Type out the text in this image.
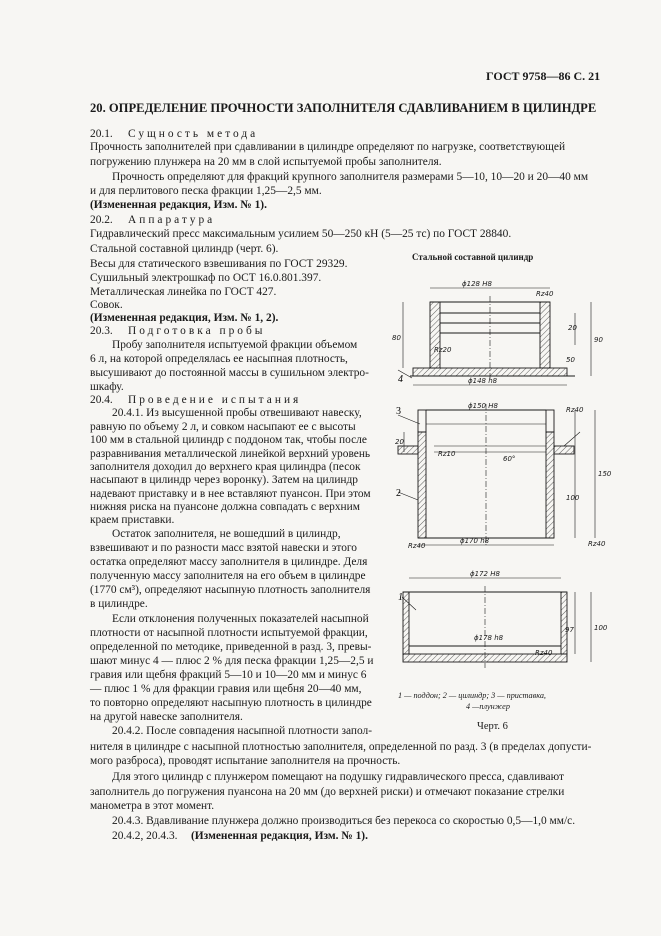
ГОСТ 9758—86 С. 21
20. ОПРЕДЕЛЕНИЕ ПРОЧНОСТИ ЗАПОЛНИТЕЛЯ СДАВЛИВАНИЕМ В ЦИЛИНДРЕ
20.1. Сущность метода
Прочность заполнителей при сдавливании в цилиндре определяют по нагрузке, соответствующей
погружению плунжера на 20 мм в слой испытуемой пробы заполнителя.
Прочность определяют для фракций крупного заполнителя размерами 5—10, 10—20 и 20—40 мм
и для перлитового песка фракции 1,25—2,5 мм.
(Измененная редакция, Изм. № 1).
20.2. Аппаратура
Гидравлический пресс максимальным усилием 50—250 кН (5—25 тс) по ГОСТ 28840.
Стальной составной цилиндр (черт. 6).
Весы для статического взвешивания по ГОСТ 29329.
Сушильный электрошкаф по ОСТ 16.0.801.397.
Металлическая линейка по ГОСТ 427.
Совок.
(Измененная редакция, Изм. № 1, 2).
20.3. Подготовка пробы
Пробу заполнителя испытуемой фракции объемом
6 л, на которой определялась ее насыпная плотность,
высушивают до постоянной массы в сушильном электро-
шкафу.
20.4. Проведение испытания
20.4.1. Из высушенной пробы отвешивают навеску,
равную по объему 2 л, и совком насыпают ее с высоты
100 мм в стальной цилиндр с поддоном так, чтобы после
разравнивания металлической линейкой верхний уровень
заполнителя доходил до верхнего края цилиндра (песок
насыпают в цилиндр через воронку). Затем на цилиндр
надевают приставку и в нее вставляют пуансон. При этом
нижняя риска на пуансоне должна совпадать с верхним
краем приставки.
Остаток заполнителя, не вошедший в цилиндр,
взвешивают и по разности масс взятой навески и этого
остатка определяют массу заполнителя в цилиндре. Деля
полученную массу заполнителя на его объем в цилиндре
(1770 см³), определяют насыпную плотность заполнителя
в цилиндре.
Если отклонения полученных показателей насыпной
плотности от насыпной плотности испытуемой фракции,
определенной по методике, приведенной в разд. 3, превы-
шают минус 4 — плюс 2 % для песка фракции 1,25—2,5 и
гравия или щебня фракций 5—10 и 10—20 мм и минус 6
— плюс 1 % для фракции гравия или щебня 20—40 мм,
то повторно определяют насыпную плотность в цилиндре
на другой навеске заполнителя.
20.4.2. После совпадения насыпной плотности запол-
нителя в цилиндре с насыпной плотностью заполнителя, определенной по разд. 3 (в пределах допусти-
мого разброса), проводят испытание заполнителя на прочность.
Для этого цилиндр с плунжером помещают на подушку гидравлического пресса, сдавливают
заполнитель до погружения пуансона на 20 мм (до верхней риски) и отмечают показание стрелки
манометра в этот момент.
20.4.3. Вдавливание плунжера должно производиться без перекоса со скоростью 0,5—1,0 мм/с.
20.4.2, 20.4.3. (Измененная редакция, Изм. № 1).
Стальной составной цилиндр
1 — поддон; 2 — цилиндр; 3 — приставка,
4 —плунжер
Черт. 6
ϕ128 H8
ϕ148 h8
ϕ150 H8
ϕ170 h8
ϕ172 H8
ϕ178 h8
60°
80
20
90
50
20
150
100
97	100
Rz40
Rz20
Rz40
Rz10
Rz40	Rz40
Rz40
4
3
2
1
